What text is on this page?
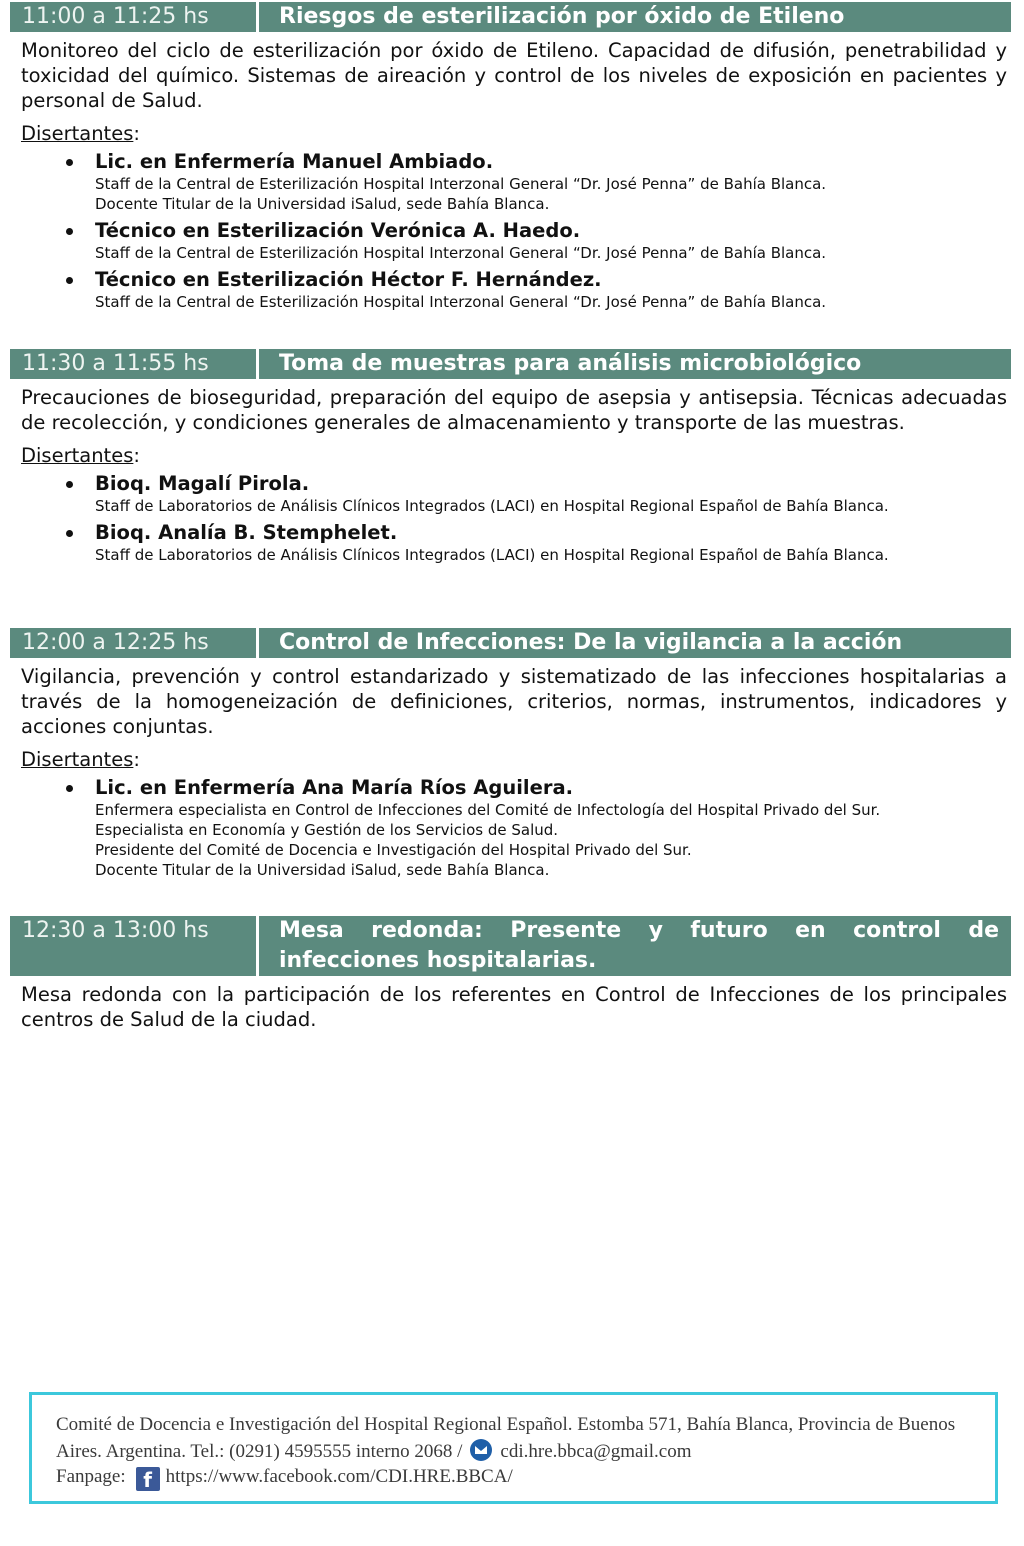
11:00 a 11:25 hs	Riesgos de esterilización por óxido de Etileno
Monitoreo del ciclo de esterilización por óxido de Etileno. Capacidad de difusión, penetrabilidad y toxicidad del químico. Sistemas de aireación y control de los niveles de exposición en pacientes y personal de Salud.
Disertantes:
Lic. en Enfermería Manuel Ambiado.
Staff de la Central de Esterilización Hospital Interzonal General “Dr. José Penna” de Bahía Blanca.
Docente Titular de la Universidad iSalud, sede Bahía Blanca.
Técnico en Esterilización Verónica A. Haedo.
Staff de la Central de Esterilización Hospital Interzonal General “Dr. José Penna” de Bahía Blanca.
Técnico en Esterilización Héctor F. Hernández.
Staff de la Central de Esterilización Hospital Interzonal General “Dr. José Penna” de Bahía Blanca.
11:30 a 11:55 hs	Toma de muestras para análisis microbiológico
Precauciones de bioseguridad, preparación del equipo de asepsia y antisepsia. Técnicas adecuadas de recolección, y condiciones generales de almacenamiento y transporte de las muestras.
Disertantes:
Bioq. Magalí Pirola.
Staff de Laboratorios de Análisis Clínicos Integrados (LACI) en Hospital Regional Español de Bahía Blanca.
Bioq. Analía B. Stemphelet.
Staff de Laboratorios de Análisis Clínicos Integrados (LACI) en Hospital Regional Español de Bahía Blanca.
12:00 a 12:25 hs	Control de Infecciones: De la vigilancia a la acción
Vigilancia, prevención y control estandarizado y sistematizado de las infecciones hospitalarias a través de la homogeneización de definiciones, criterios, normas, instrumentos, indicadores y acciones conjuntas.
Disertantes:
Lic. en Enfermería Ana María Ríos Aguilera.
Enfermera especialista en Control de Infecciones del Comité de Infectología del Hospital Privado del Sur.
Especialista en Economía y Gestión de los Servicios de Salud.
Presidente del Comité de Docencia e Investigación del Hospital Privado del Sur.
Docente Titular de la Universidad iSalud, sede Bahía Blanca.
12:30 a 13:00 hs	Mesa redonda: Presente y futuro en control de infecciones hospitalarias.
Mesa redonda con la participación de los referentes en Control de Infecciones de los principales centros de Salud de la ciudad.
Comité de Docencia e Investigación del Hospital Regional Español. Estomba 571, Bahía Blanca, Provincia de Buenos
Aires. Argentina. Tel.: (0291) 4595555 interno 2068 / cdi.hre.bbca@gmail.com
Fanpage: f https://www.facebook.com/CDI.HRE.BBCA/
